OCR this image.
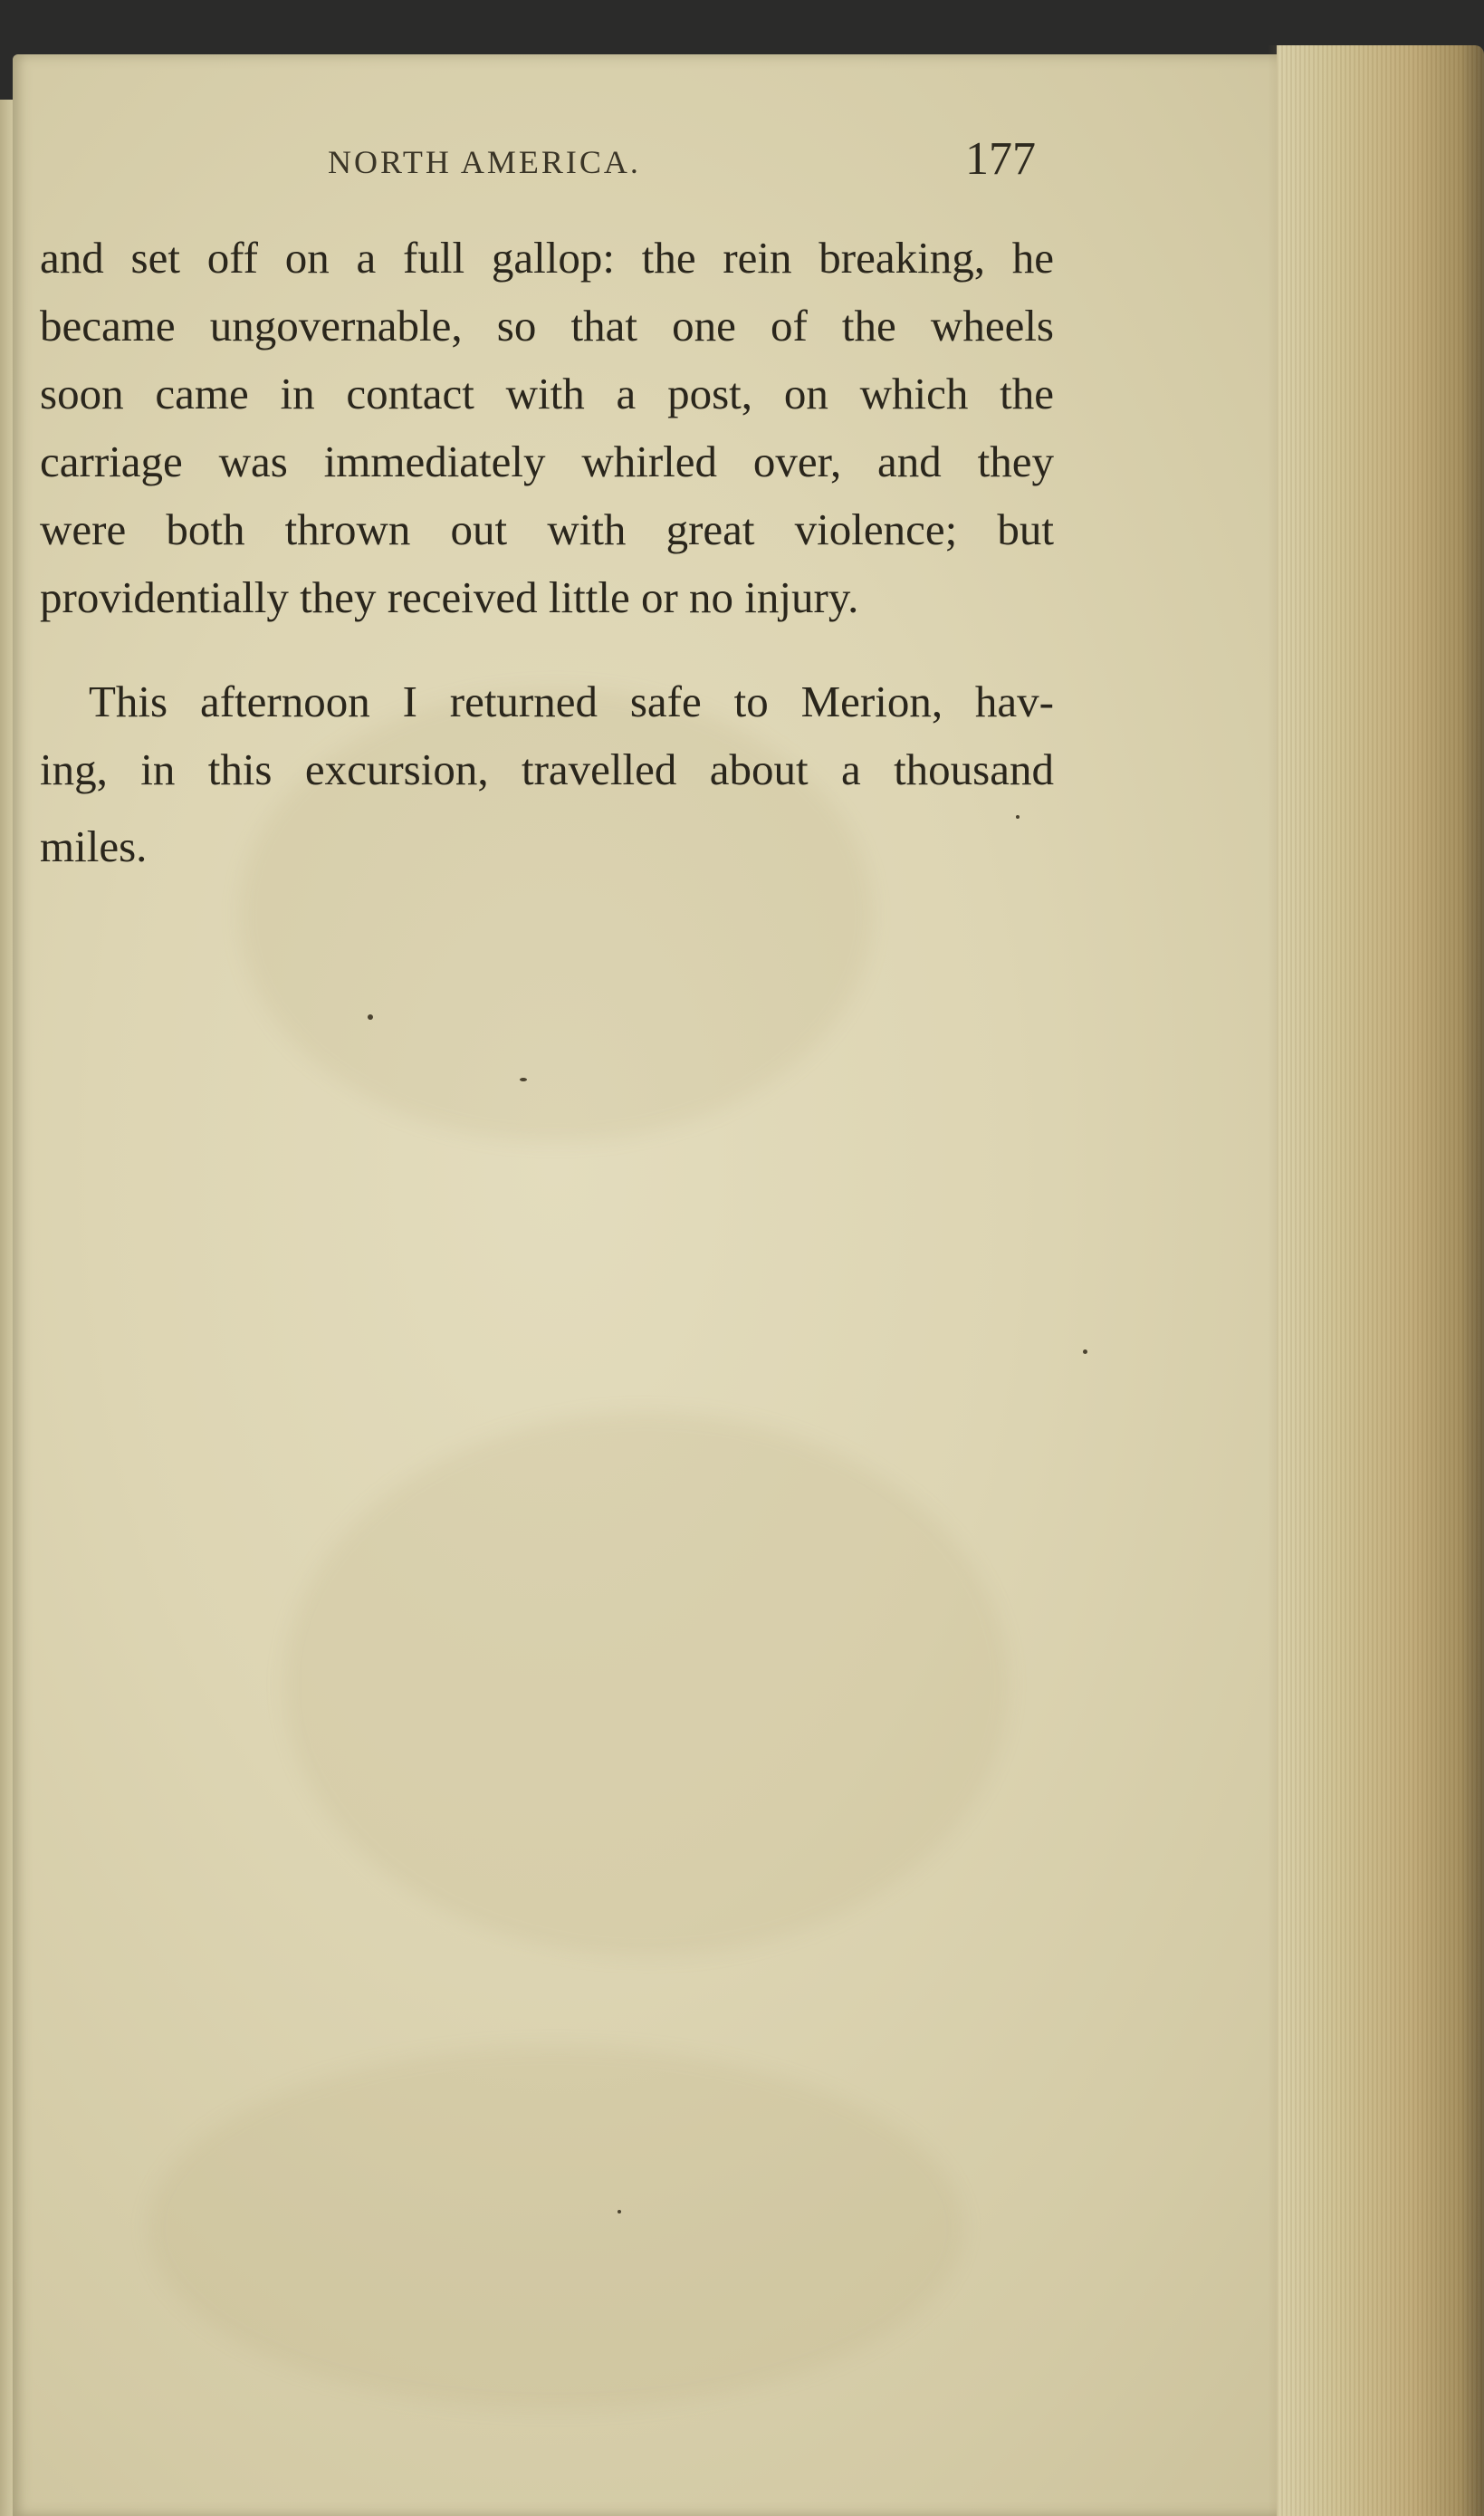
NORTH AMERICA.	177
and set off on a full gallop: the rein breaking, he
became ungovernable, so that one of the wheels
soon came in contact with a post, on which the
carriage was immediately whirled over, and they
were both thrown out with great violence; but
providentially they received little or no injury.
This afternoon I returned safe to Merion, hav-
ing, in this excursion, travelled about a thousand
miles.
